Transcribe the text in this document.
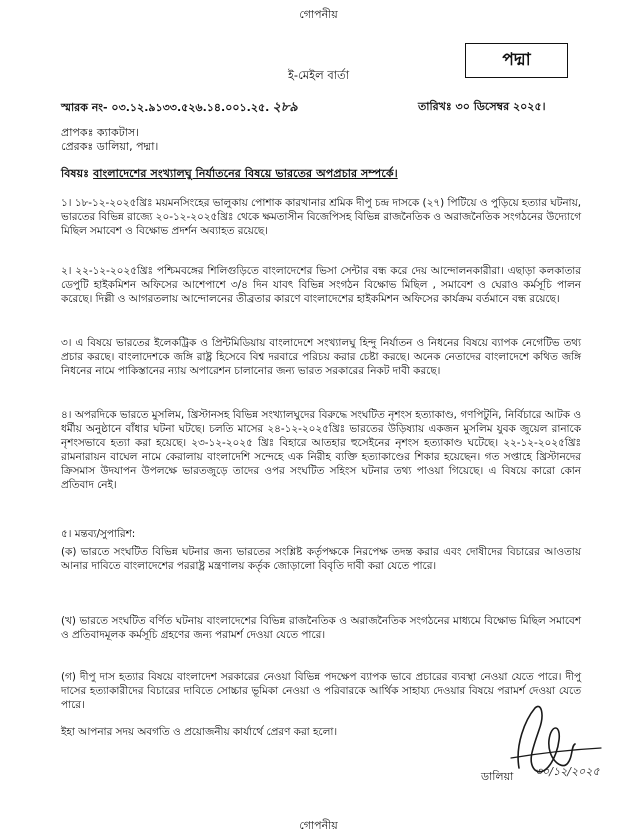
গোপনীয়
পদ্মা
ই-মেইল বার্তা
স্মারক নং- ০৩.১২.৯১৩৩.৫২৬.১৪.০০১.২৫. ২৮৯	তারিখঃ ৩০ ডিসেম্বর ২০২৫।
প্রাপকঃ ক্যাকটাস।
প্রেরকঃ ডালিয়া, পদ্মা।
বিষয়ঃ বাংলাদেশের সংখ্যালঘু নির্যাতনের বিষয়ে ভারতের অপপ্রচার সম্পর্কে।

১। ১৮-১২-২০২৫খ্রিঃ ময়মনসিংহের ভালুকায় পোশাক কারখানার শ্রমিক দীপু চন্দ্র দাসকে (২৭) পিটিয়ে ও পুড়িয়ে হত্যার ঘটনায়, ভারতের বিভিন্ন রাজ্যে ২০-১২-২০২৫খ্রিঃ থেকে ক্ষমতাসীন বিজেপিসহ বিভিন্ন রাজনৈতিক ও অরাজনৈতিক সংগঠনের উদ্যোগে মিছিল সমাবেশ ও বিক্ষোভ প্রদর্শন অব্যাহত রয়েছে।

২। ২২-১২-২০২৫খ্রিঃ পশ্চিমবঙ্গের শিলিগুড়িতে বাংলাদেশের ভিসা সেন্টার বন্ধ করে দেয় আন্দোলনকারীরা। এছাড়া কলকাতার ডেপুটি হাইকমিশন অফিসের আশেপাশে ৩/৪ দিন যাবৎ বিভিন্ন সংগঠন বিক্ষোভ মিছিল , সমাবেশ ও ঘেরাও কর্মসূচি পালন করেছে। দিল্লী ও আগরতলায় আন্দোলনের তীব্রতার কারণে বাংলাদেশের হাইকমিশন অফিসের কার্যক্রম বর্তমানে বন্ধ রয়েছে।

৩। এ বিষয়ে ভারতের ইলেকট্রিক ও প্রিন্টমিডিয়ায় বাংলাদেশে সংখ্যালঘু হিন্দু নির্যাতন ও নিধনের বিষয়ে ব্যাপক নেগেটিভ তথ্য প্রচার করছে। বাংলাদেশকে জঙ্গি রাষ্ট্র হিসেবে বিশ্ব দরবারে পরিচয় করার চেষ্টা করছে। অনেক নেতাদের বাংলাদেশে কথিত জঙ্গি নিধনের নামে পাকিস্তানের ন্যায় অপারেশন চালানোর জন্য ভারত সরকারের নিকট দাবী করছে।

৪। অপরদিকে ভারতে মুসলিম, খ্রিস্টানসহ বিভিন্ন সংখ্যালঘুদের বিরুদ্ধে সংঘটিত নৃশংস হত্যাকাণ্ড, গণপিটুনি, নির্বিচারে আটক ও ধর্মীয় অনুষ্ঠানে বাঁধার ঘটনা ঘটছে। চলতি মাসের ২৪-১২-২০২৫খ্রিঃ ভারতের উড়িষ্যায় একজন মুসলিম যুবক জুয়েল রানাকে নৃশংসভাবে হত্যা করা হয়েছে। ২৩-১২-২০২৫ খ্রিঃ বিহারে আতহার হুসেইনের নৃশংস হত্যাকাণ্ড ঘটেছে। ২২-১২-২০২৫খ্রিঃ রামনারায়ন বাঘেল নামে কেরালায় বাংলাদেশি সন্দেহে এক নিরীহ ব্যক্তি হত্যাকাণ্ডের শিকার হয়েছেন। গত সপ্তাহে খ্রিস্টানদের ক্রিসমাস উদযাপন উপলক্ষে ভারতজুড়ে তাদের ওপর সংঘটিত সহিংস ঘটনার তথ্য পাওয়া গিয়েছে। এ বিষয়ে কারো কোন প্রতিবাদ নেই।

৫। মন্তব্য/সুপারিশ:

(ক) ভারতে সংঘটিত বিভিন্ন ঘটনার জন্য ভারতের সংশ্লিষ্ট কর্তৃপক্ষকে নিরপেক্ষ তদন্ত করার এবং দোষীদের বিচারের আওতায় আনার দাবিতে বাংলাদেশের পররাষ্ট্র মন্ত্রণালয় কর্তৃক জোড়ালো বিবৃতি দাবী করা যেতে পারে।

(খ) ভারতে সংঘটিত বর্ণিত ঘটনায় বাংলাদেশের বিভিন্ন রাজনৈতিক ও অরাজনৈতিক সংগঠনের মাধ্যমে বিক্ষোভ মিছিল সমাবেশ ও প্রতিবাদমূলক কর্মসূচি গ্রহণের জন্য পরামর্শ দেওয়া যেতে পারে।

(গ) দীপু দাস হত্যার বিষয়ে বাংলাদেশ সরকারের নেওয়া বিভিন্ন পদক্ষেপ ব্যাপক ভাবে প্রচারের ব্যবস্থা নেওয়া যেতে পারে। দীপু দাসের হত্যাকারীদের বিচারের দাবিতে সোচ্চার ভূমিকা নেওয়া ও পরিবারকে আর্থিক সাহায্য দেওয়ার বিষয়ে পরামর্শ দেওয়া যেতে পারে।

ইহা আপনার সদয় অবগতি ও প্রয়োজনীয় কার্যার্থে প্রেরণ করা হলো।

৩০/১২/২০২৫
ডালিয়া
গোপনীয়
